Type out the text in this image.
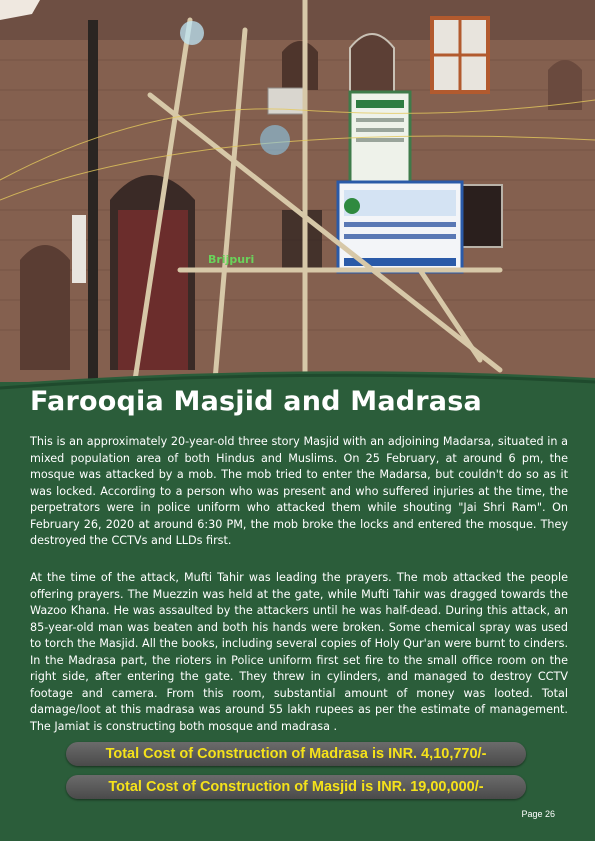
Brijpuri
Farooqia Masjid and Madrasa

This is an approximately 20-year-old three story Masjid with an adjoining Madarsa, situated in a mixed population area of both Hindus and Muslims. On 25 February, at around 6 pm, the mosque was attacked by a mob. The mob tried to enter the Madarsa, but couldn't do so as it was locked. According to a person who was present and who suffered injuries at the time, the perpetrators were in police uniform who attacked them while shouting "Jai Shri Ram". On February 26, 2020 at around 6:30 PM, the mob broke the locks and entered the mosque. They destroyed the CCTVs and LLDs first.

At the time of the attack, Mufti Tahir was leading the prayers. The mob attacked the people offering prayers. The Muezzin was held at the gate, while Mufti Tahir was dragged towards the Wazoo Khana. He was assaulted by the attackers until he was half-dead. During this attack, an 85-year-old man was beaten and both his hands were broken. Some chemical spray was used to torch the Masjid. All the books, including several copies of Holy Qur'an were burnt to cinders. In the Madrasa part, the rioters in Police uniform first set fire to the small office room on the right side, after entering the gate. They threw in cylinders, and managed to destroy CCTV footage and camera. From this room, substantial amount of money was looted. Total damage/loot at this madrasa was around 55 lakh rupees as per the estimate of management. The Jamiat is constructing both mosque and madrasa .

Total Cost of Construction of Madrasa is INR. 4,10,770/-
Total Cost of Construction of Masjid is INR. 19,00,000/-
Page 26
